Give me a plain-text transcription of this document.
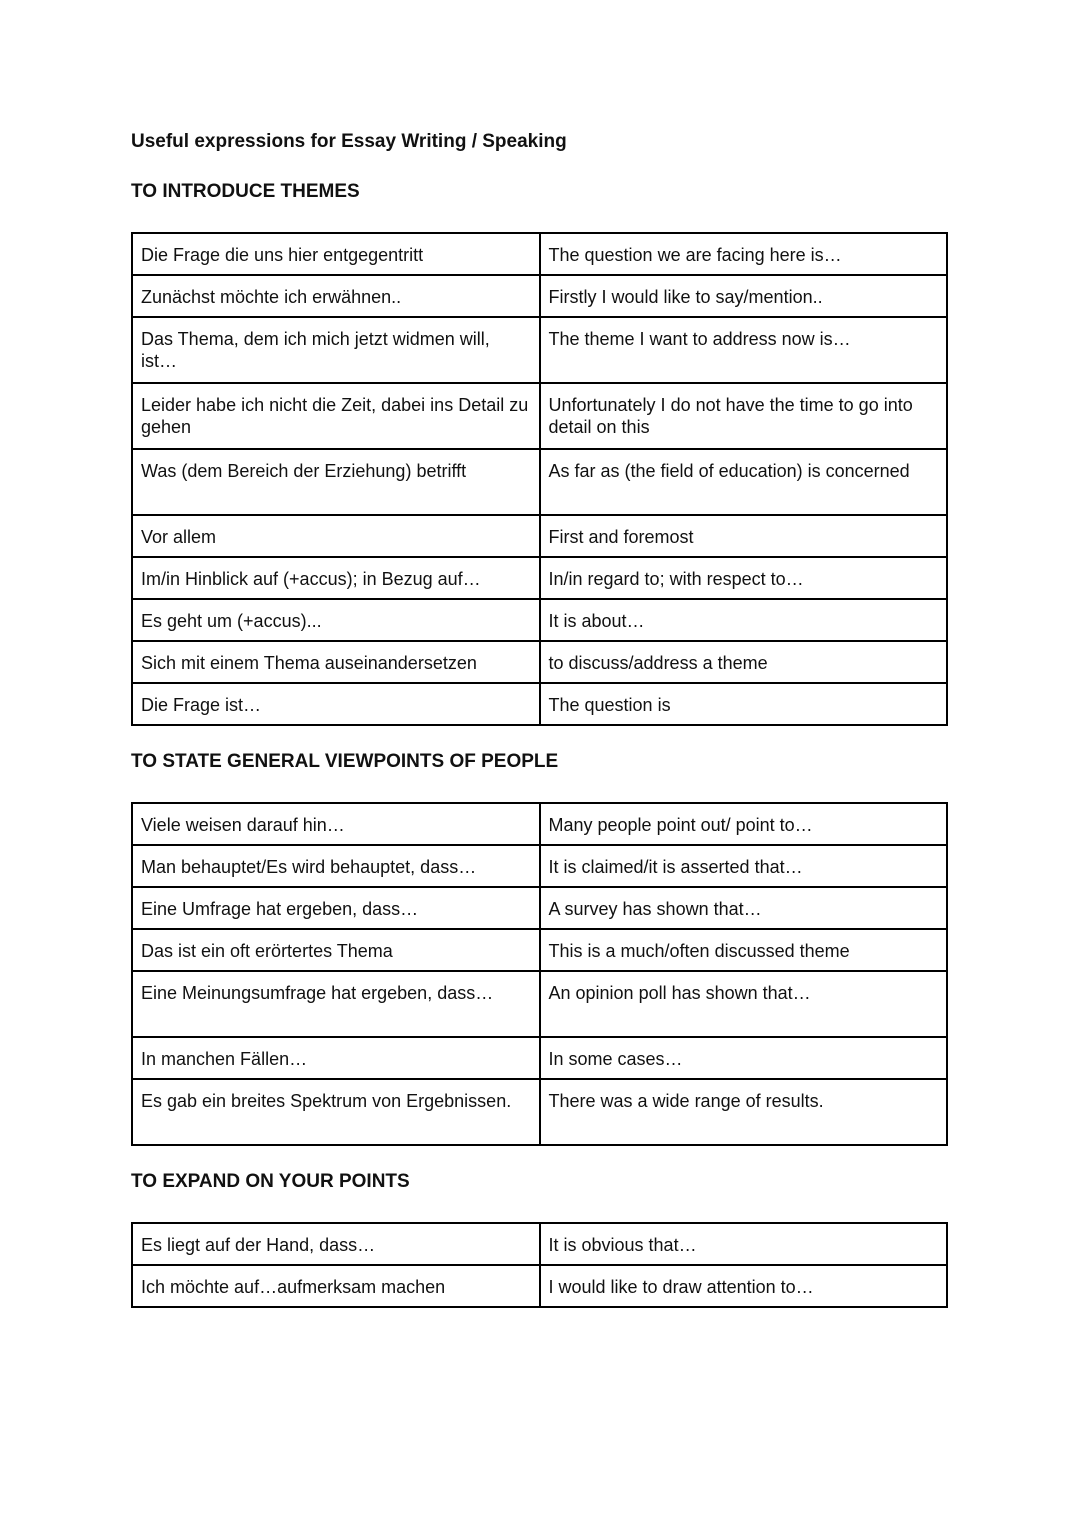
Useful expressions for Essay Writing / Speaking
TO INTRODUCE THEMES
Die Frage die uns hier entgegentritt	The question we are facing here is…
Zunächst möchte ich erwähnen..	Firstly I would like to say/mention..
Das Thema, dem ich mich jetzt widmen will, ist…	The theme I want to address now is…
Leider habe ich nicht die Zeit, dabei ins Detail zu gehen	Unfortunately I do not have the time to go into detail on this
Was (dem Bereich der Erziehung) betrifft	As far as (the field of education) is concerned
Vor allem	First and foremost
Im/in Hinblick auf (+accus); in Bezug auf…	In/in regard to; with respect to…
Es geht um (+accus)...	It is about…
Sich mit einem Thema auseinandersetzen	to discuss/address a theme
Die Frage ist…	The question is
TO STATE GENERAL VIEWPOINTS OF PEOPLE
Viele weisen darauf hin…	Many people point out/ point to…
Man behauptet/Es wird behauptet, dass…	It is claimed/it is asserted that…
Eine Umfrage hat ergeben, dass…	A survey has shown that…
Das ist ein oft erörtertes Thema	This is a much/often discussed theme
Eine Meinungsumfrage hat ergeben, dass…	An opinion poll has shown that…
In manchen Fällen…	In some cases…
Es gab ein breites Spektrum von Ergebnissen.	There was a wide range of results.
TO EXPAND ON YOUR POINTS
Es liegt auf der Hand, dass…	It is obvious that…
Ich möchte auf…aufmerksam machen	I would like to draw attention to…
